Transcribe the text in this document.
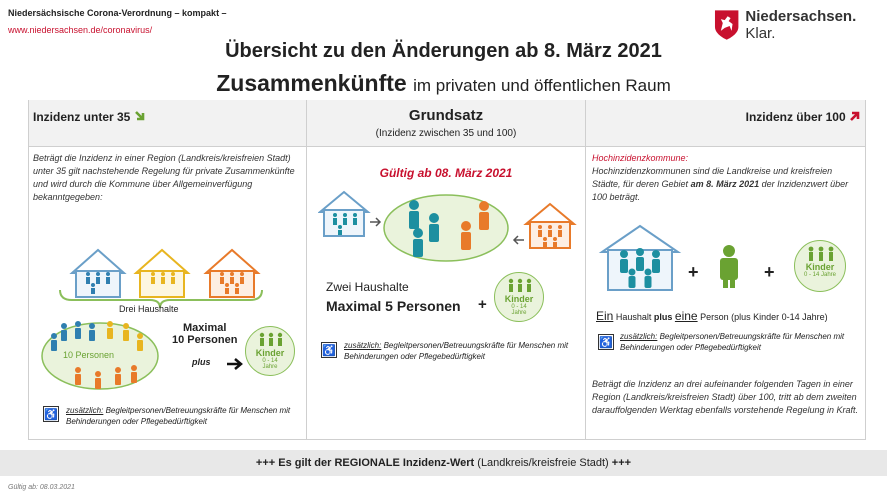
Niedersächsische Corona-Verordnung – kompakt –
www.niedersachsen.de/coronavirus/
Niedersachsen. Klar.
Übersicht zu den Änderungen ab 8. März 2021
Zusammenkünfte im privaten und öffentlichen Raum
Inzidenz unter 35
Beträgt die Inzidenz in einer Region (Landkreis/kreisfreien Stadt) unter 35 gilt nachstehende Regelung für private Zusammenkünfte und wird durch die Kommune über Allgemeinverfügung bekanntgegeben:
Drei Haushalte
10 Personen
Maximal
10 Personen
plus
Kinder
0 - 14
Jahre
♿ zusätzlich: Begleitpersonen/Betreuungskräfte für Menschen mit Behinderungen oder Pflegebedürftigkeit
Grundsatz
(Inzidenz zwischen 35 und 100)
Gültig ab 08. März 2021
Zwei Haushalte
Maximal 5 Personen +	Kinder
0 - 14
Jahre
♿ zusätzlich: Begleitpersonen/Betreuungskräfte für Menschen mit Behinderungen oder Pflegebedürftigkeit
Inzidenz über 100
Hochinzidenzkommune:
Hochinzidenzkommunen sind die Landkreise und kreisfreien Städte, für deren Gebiet am 8. März 2021 der Inzidenzwert über 100 beträgt.
+	+	Kinder
0 - 14 Jahre
Ein Haushalt plus eine Person (plus Kinder 0-14 Jahre)
♿ zusätzlich: Begleitpersonen/Betreuungskräfte für Menschen mit Behinderungen oder Pflegebedürftigkeit
Beträgt die Inzidenz an drei aufeinander folgenden Tagen in einer Region (Landkreis/kreisfreien Stadt) über 100, tritt ab dem zweiten darauffolgenden Werktag ebenfalls vorstehende Regelung in Kraft.
+++ Es gilt der REGIONALE Inzidenz-Wert (Landkreis/kreisfreie Stadt) +++
Gültig ab: 08.03.2021
